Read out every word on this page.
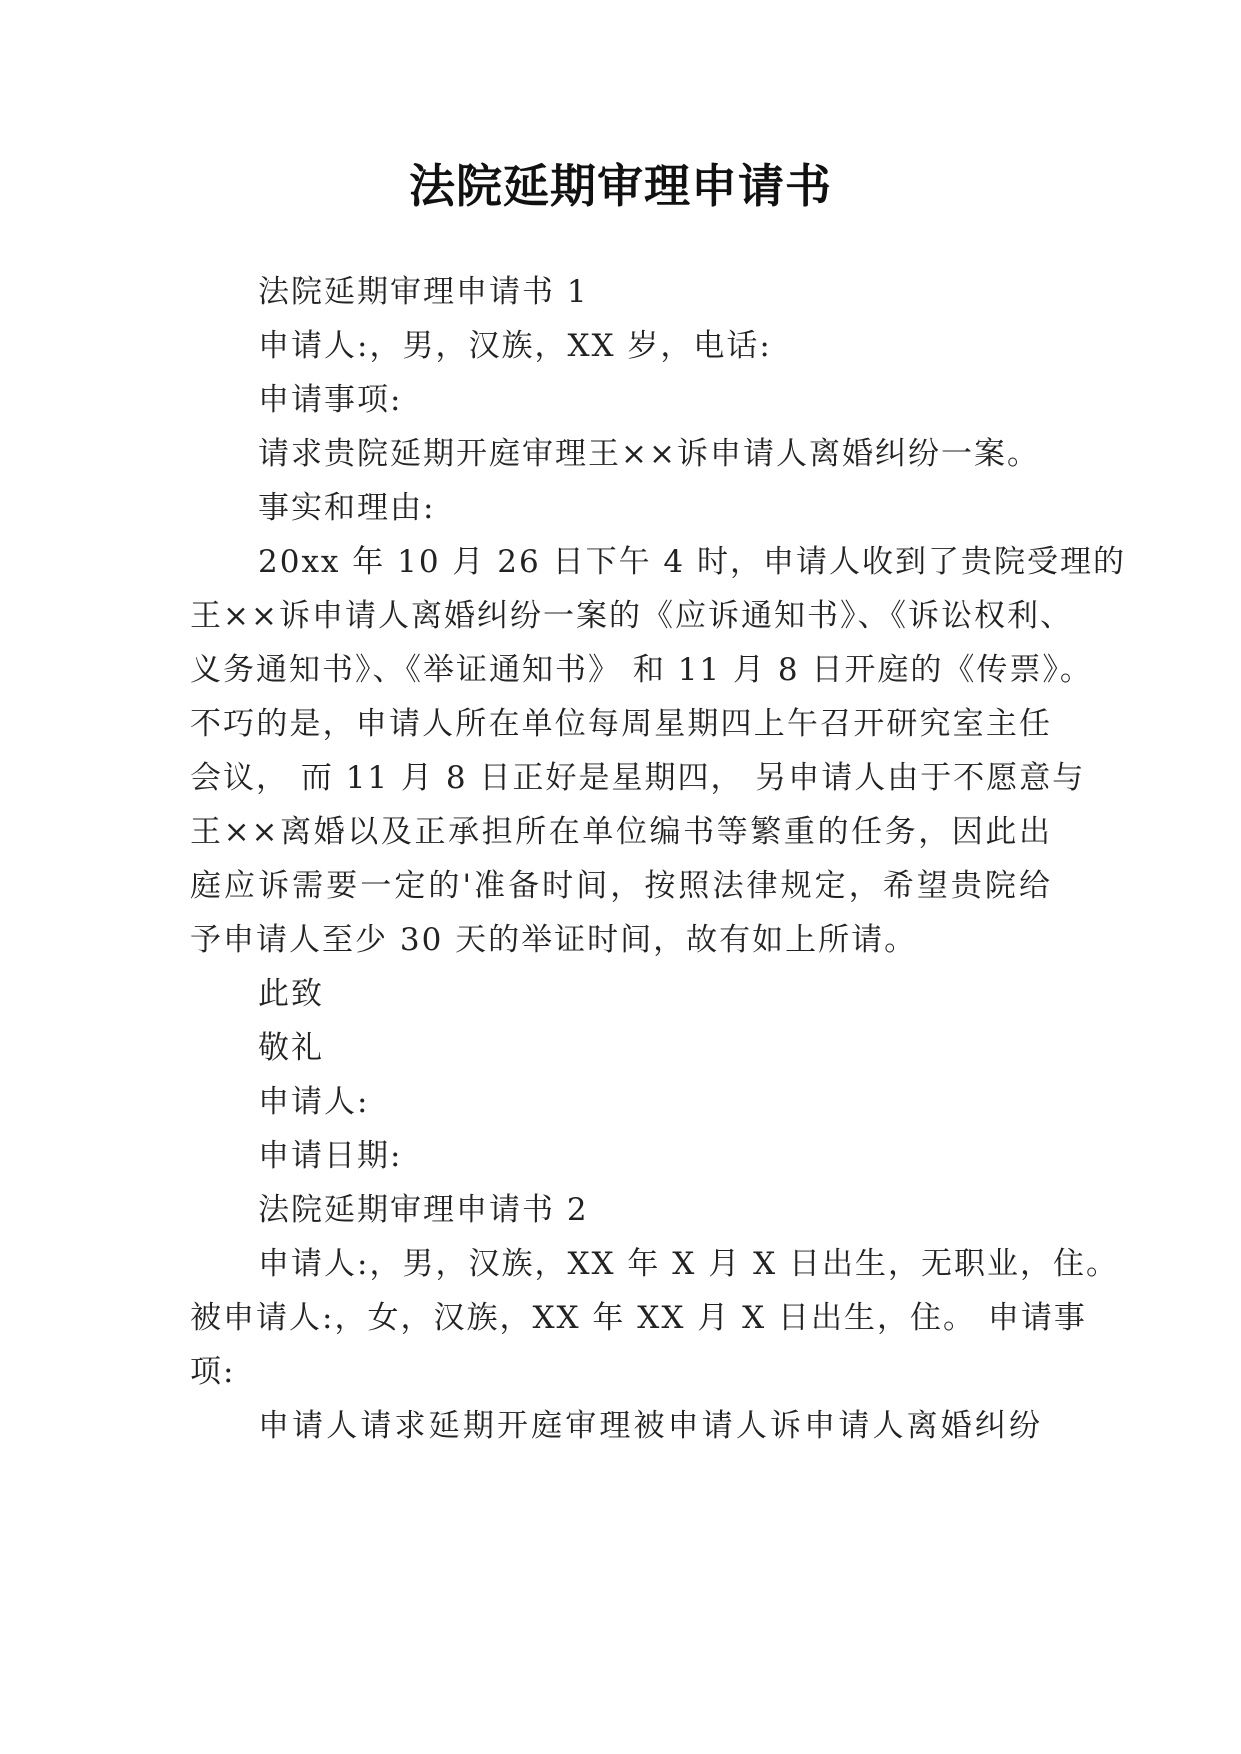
法院延期审理申请书
法院延期审理申请书 1
申请人:，男，汉族，XX 岁，电话:
申请事项:
请求贵院延期开庭审理王××诉申请人离婚纠纷一案。
事实和理由:
20xx 年 10 月 26 日下午 4 时，申请人收到了贵院受理的
王××诉申请人离婚纠纷一案的《应诉通知书》、《诉讼权利、
义务通知书》、《举证通知书》 和 11 月 8 日开庭的《传票》。
不巧的是，申请人所在单位每周星期四上午召开研究室主任
会议， 而 11 月 8 日正好是星期四， 另申请人由于不愿意与
王××离婚以及正承担所在单位编书等繁重的任务，因此出
庭应诉需要一定的'准备时间，按照法律规定，希望贵院给
予申请人至少 30 天的举证时间，故有如上所请。
此致
敬礼
申请人:
申请日期:
法院延期审理申请书 2
申请人:，男，汉族，XX 年 X 月 X 日出生，无职业，住。
被申请人:，女，汉族，XX 年 XX 月 X 日出生，住。 申请事
项:
申请人请求延期开庭审理被申请人诉申请人离婚纠纷
